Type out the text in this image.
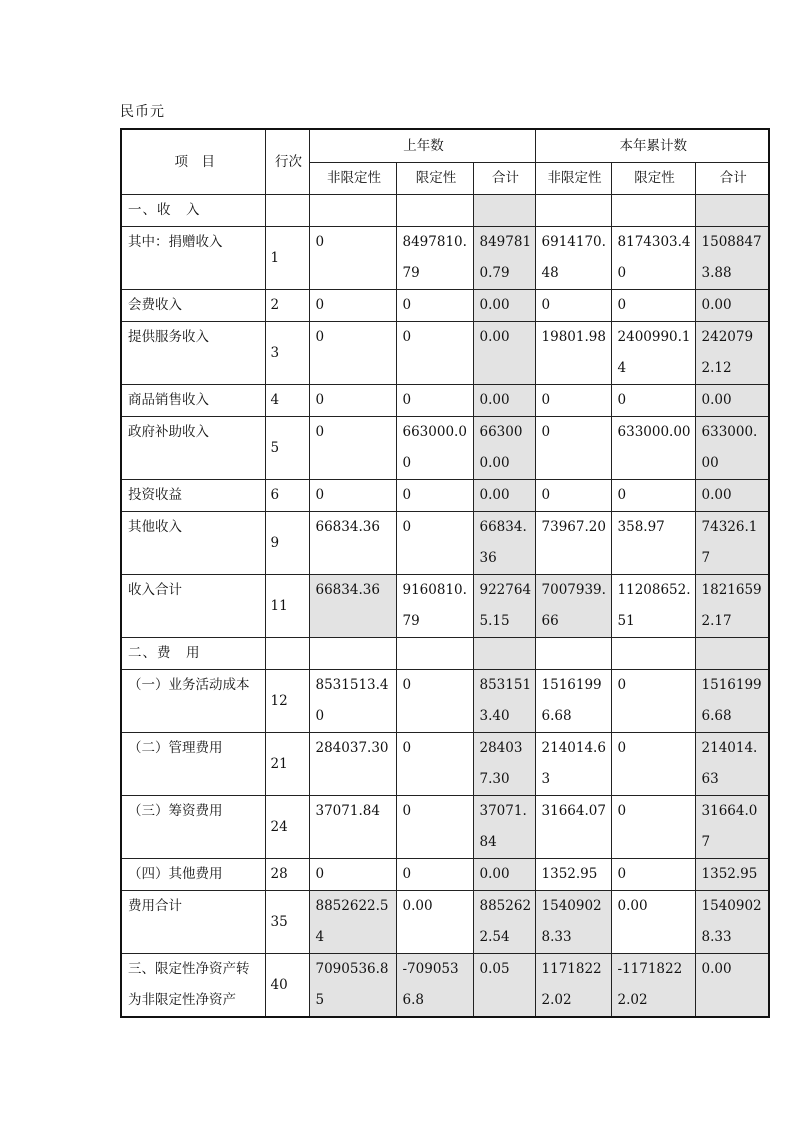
民币元
项　目	行次	上年数			本年累计数		
		非限定性	限定性	合计	非限定性	限定性	合计
一、收　入							
其中：捐赠收入	1	0	8497810.79	8497810.79	6914170.48	8174303.40	15088473.88
会费收入	2	0	0	0.00	0	0	0.00
提供服务收入	3	0	0	0.00	19801.98	2400990.14	2420792.12
商品销售收入	4	0	0	0.00	0	0	0.00
政府补助收入	5	0	663000.00	663000.00	0	633000.00	633000.00
投资收益	6	0	0	0.00	0	0	0.00
其他收入	9	66834.36	0	66834.36	73967.20	358.97	74326.17
收入合计	11	66834.36	9160810.79	9227645.15	7007939.66	11208652.51	18216592.17
二、费　用							
（一）业务活动成本	12	8531513.40	0	8531513.40	15161996.68	0	15161996.68
（二）管理费用	21	284037.30	0	284037.30	214014.63	0	214014.63
（三）筹资费用	24	37071.84	0	37071.84	31664.07	0	31664.07
（四）其他费用	28	0	0	0.00	1352.95	0	1352.95
费用合计	35	8852622.54	0.00	8852622.54	15409028.33	0.00	15409028.33
三、限定性净资产转为非限定性净资产	40	7090536.85	-7090536.8	0.05	11718222.02	-11718222.02	0.00
